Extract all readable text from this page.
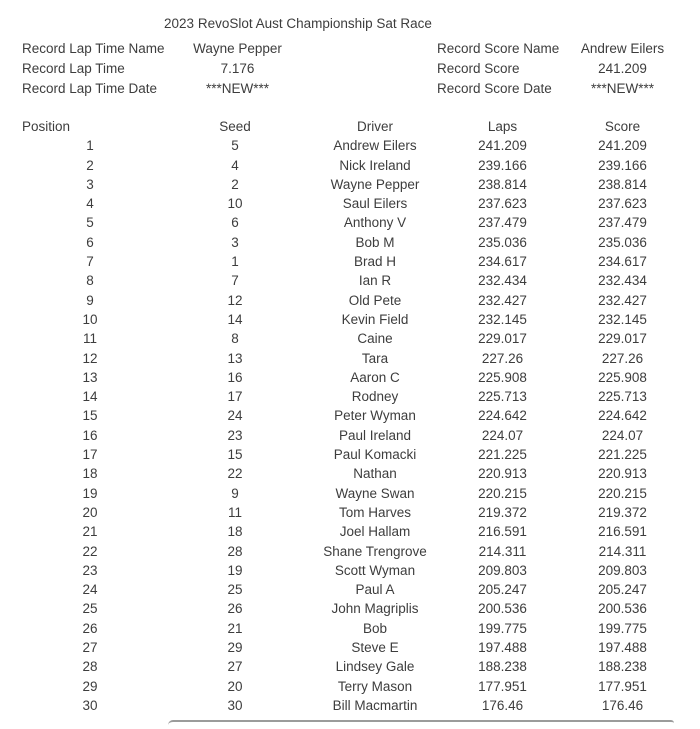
2023 RevoSlot Aust Championship Sat Race
Record Lap Time Name	Wayne Pepper	Record Score Name	Andrew Eilers
Record Lap Time	7.176	Record Score	241.209
Record Lap Time Date	***NEW***	Record Score Date	***NEW***
Position	Seed	Driver	Laps	Score
1	5	Andrew Eilers	241.209	241.209
2	4	Nick Ireland	239.166	239.166
3	2	Wayne Pepper	238.814	238.814
4	10	Saul Eilers	237.623	237.623
5	6	Anthony V	237.479	237.479
6	3	Bob M	235.036	235.036
7	1	Brad H	234.617	234.617
8	7	Ian R	232.434	232.434
9	12	Old Pete	232.427	232.427
10	14	Kevin Field	232.145	232.145
11	8	Caine	229.017	229.017
12	13	Tara	227.26	227.26
13	16	Aaron C	225.908	225.908
14	17	Rodney	225.713	225.713
15	24	Peter Wyman	224.642	224.642
16	23	Paul Ireland	224.07	224.07
17	15	Paul Komacki	221.225	221.225
18	22	Nathan	220.913	220.913
19	9	Wayne Swan	220.215	220.215
20	11	Tom Harves	219.372	219.372
21	18	Joel Hallam	216.591	216.591
22	28	Shane Trengrove	214.311	214.311
23	19	Scott Wyman	209.803	209.803
24	25	Paul A	205.247	205.247
25	26	John Magriplis	200.536	200.536
26	21	Bob	199.775	199.775
27	29	Steve E	197.488	197.488
28	27	Lindsey Gale	188.238	188.238
29	20	Terry Mason	177.951	177.951
30	30	Bill Macmartin	176.46	176.46
